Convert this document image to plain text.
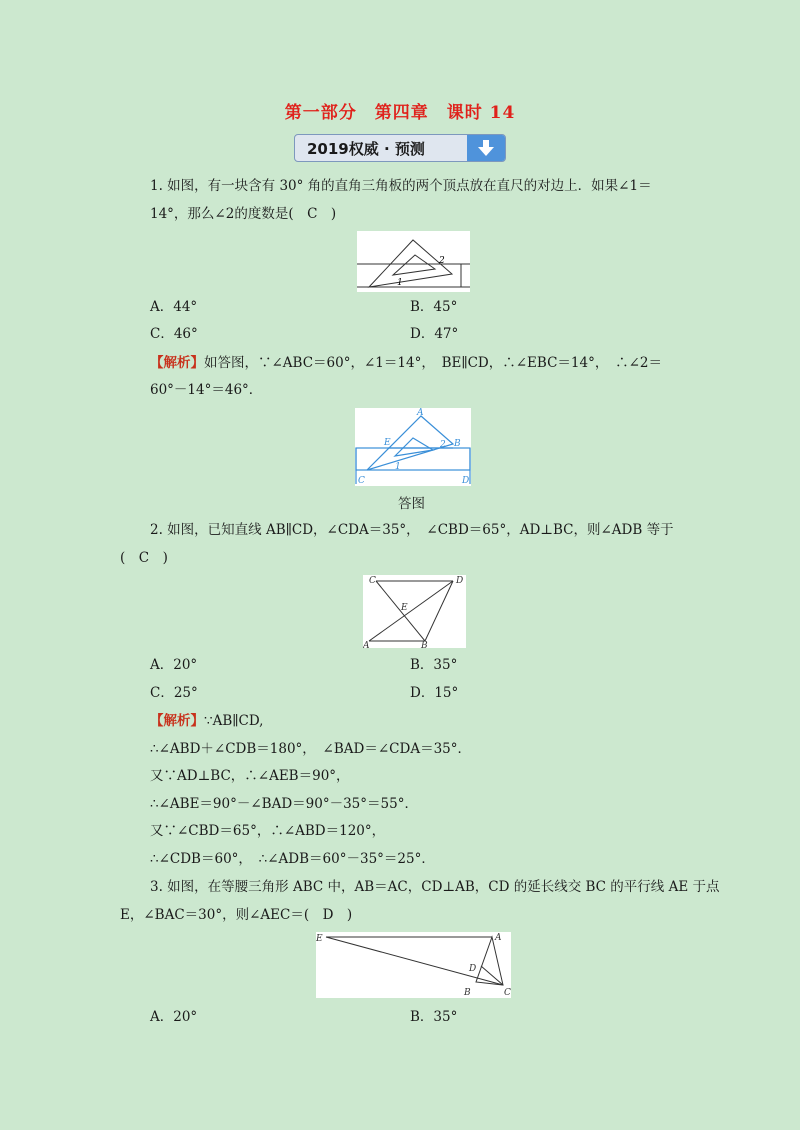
第一部分　第四章　课时 14
2019权威 · 预测
1. 如图，有一块含有 30° 角的直角三角板的两个顶点放在直尺的对边上．如果∠1＝
14°，那么∠2的度数是(　C　)
2
1
A．44°	B．45°
C．46°	D．47°
【解析】如答图，∵∠ABC＝60°，∠1＝14°，　BE∥CD，∴∠EBC＝14°，　∴∠2＝
60°－14°＝46°．
A
E	B
C	D
2
1
答图
2. 如图，已知直线 AB∥CD，∠CDA＝35°，　∠CBD＝65°，AD⊥BC，则∠ADB 等于
(　C　)
C	D
E
A	B
A．20°	B．35°
C．25°	D．15°
【解析】∵AB∥CD,
∴∠ABD＋∠CDB＝180°，　∠BAD＝∠CDA＝35°．
又∵AD⊥BC，∴∠AEB＝90°，
∴∠ABE＝90°－∠BAD＝90°－35°＝55°．
又∵∠CBD＝65°，∴∠ABD＝120°，
∴∠CDB＝60°，　∴∠ADB＝60°－35°＝25°．
3. 如图，在等腰三角形 ABC 中，AB＝AC，CD⊥AB，CD 的延长线交 BC 的平行线 AE 于点
E，∠BAC＝30°，则∠AEC＝(　D　)
E	A
D
B	C
A．20°	B．35°
